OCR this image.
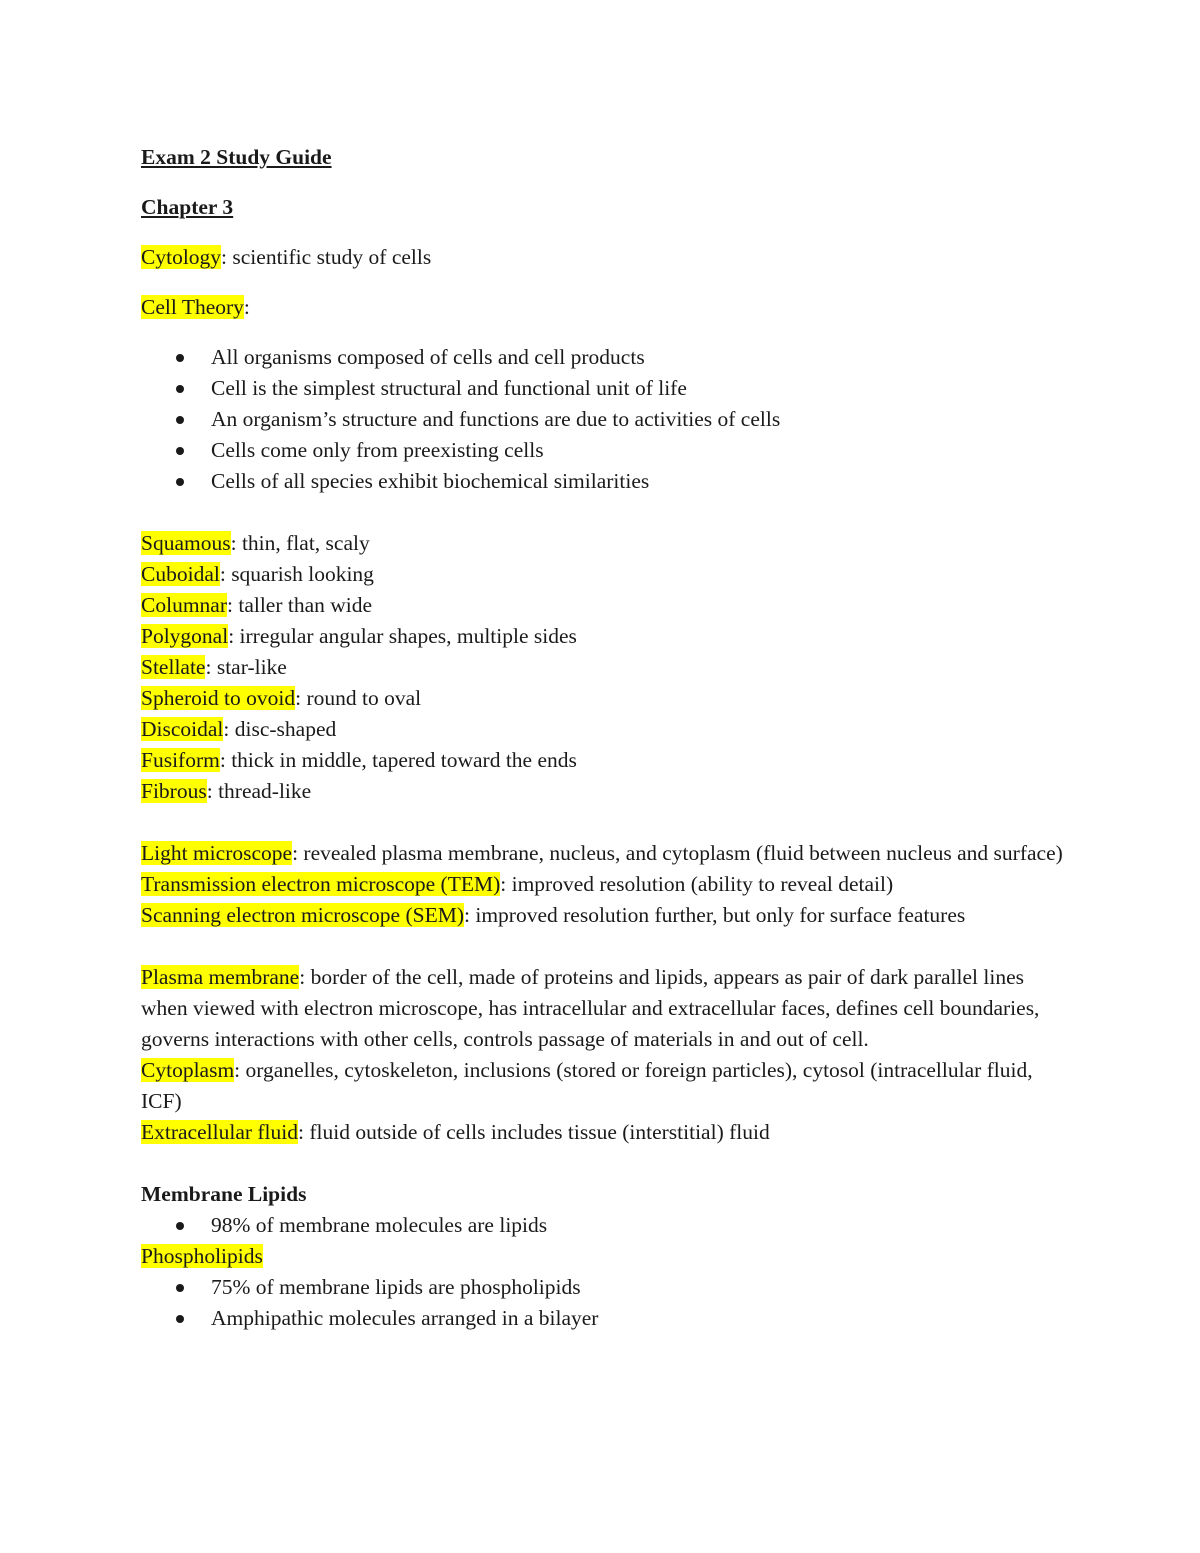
Exam 2 Study Guide
Chapter 3
Cytology: scientific study of cells
Cell Theory:
All organisms composed of cells and cell products
Cell is the simplest structural and functional unit of life
An organism’s structure and functions are due to activities of cells
Cells come only from preexisting cells
Cells of all species exhibit biochemical similarities
Squamous: thin, flat, scaly
Cuboidal: squarish looking
Columnar: taller than wide
Polygonal: irregular angular shapes, multiple sides
Stellate: star-like
Spheroid to ovoid: round to oval
Discoidal: disc-shaped
Fusiform: thick in middle, tapered toward the ends
Fibrous: thread-like
Light microscope: revealed plasma membrane, nucleus, and cytoplasm (fluid between nucleus and surface)
Transmission electron microscope (TEM): improved resolution (ability to reveal detail)
Scanning electron microscope (SEM): improved resolution further, but only for surface features
Plasma membrane: border of the cell, made of proteins and lipids, appears as pair of dark parallel lines when viewed with electron microscope, has intracellular and extracellular faces, defines cell boundaries, governs interactions with other cells, controls passage of materials in and out of cell.
Cytoplasm: organelles, cytoskeleton, inclusions (stored or foreign particles), cytosol (intracellular fluid, ICF)
Extracellular fluid: fluid outside of cells includes tissue (interstitial) fluid
Membrane Lipids
98% of membrane molecules are lipids
Phospholipids
75% of membrane lipids are phospholipids
Amphipathic molecules arranged in a bilayer
